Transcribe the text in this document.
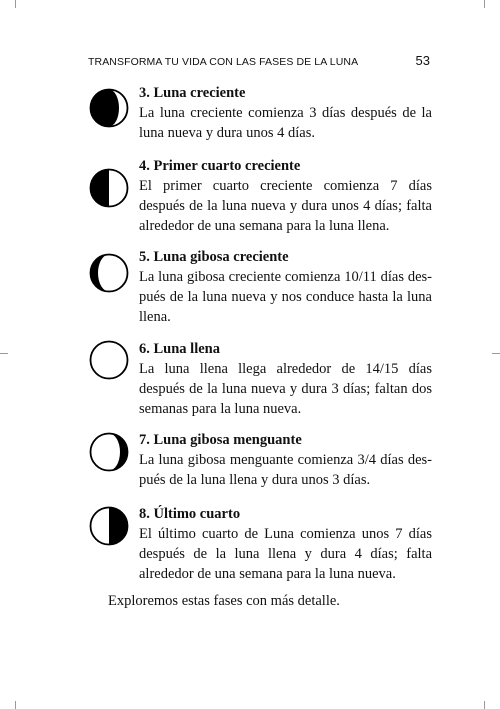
TRANSFORMA TU VIDA CON LAS FASES DE LA LUNA	53

3. Luna creciente

La luna creciente comienza 3 días después de la luna nueva y dura unos 4 días.

4. Primer cuarto creciente

El primer cuarto creciente comienza 7 días después de la luna nueva y dura unos 4 días; falta alrededor de una semana para la luna llena.

5. Luna gibosa creciente

La luna gibosa creciente comienza 10/11 días después de la luna nueva y nos conduce hasta la luna llena.

6. Luna llena

La luna llena llega alrededor de 14/15 días después de la luna nueva y dura 3 días; faltan dos semanas para la luna nueva.

7. Luna gibosa menguante

La luna gibosa menguante comienza 3/4 días después de la luna llena y dura unos 3 días.

8. Último cuarto

El último cuarto de Luna comienza unos 7 días después de la luna llena y dura 4 días; falta alrededor de una semana para la luna nueva.

Exploremos estas fases con más detalle.
